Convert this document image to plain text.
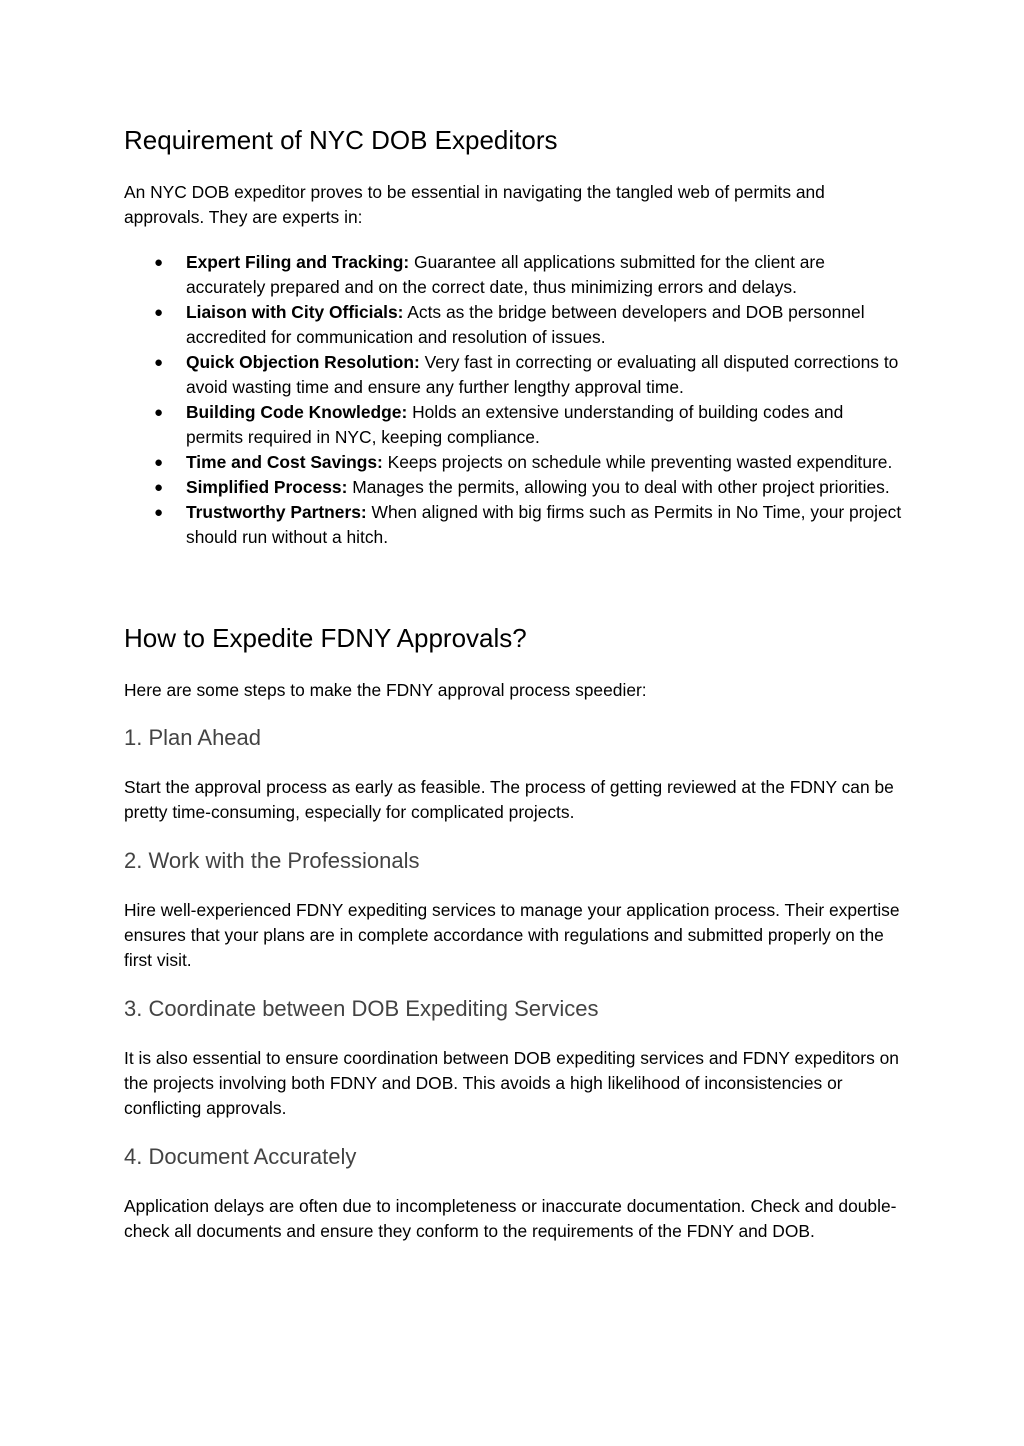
Requirement of NYC DOB Expeditors

An NYC DOB expeditor proves to be essential in navigating the tangled web of permits and approvals. They are experts in:

● Expert Filing and Tracking: Guarantee all applications submitted for the client are accurately prepared and on the correct date, thus minimizing errors and delays.
● Liaison with City Officials: Acts as the bridge between developers and DOB personnel accredited for communication and resolution of issues.
● Quick Objection Resolution: Very fast in correcting or evaluating all disputed corrections to avoid wasting time and ensure any further lengthy approval time.
● Building Code Knowledge: Holds an extensive understanding of building codes and permits required in NYC, keeping compliance.
● Time and Cost Savings: Keeps projects on schedule while preventing wasted expenditure.
● Simplified Process: Manages the permits, allowing you to deal with other project priorities.
● Trustworthy Partners: When aligned with big firms such as Permits in No Time, your project should run without a hitch.
How to Expedite FDNY Approvals?

Here are some steps to make the FDNY approval process speedier:

1. Plan Ahead

Start the approval process as early as feasible. The process of getting reviewed at the FDNY can be pretty time-consuming, especially for complicated projects.

2. Work with the Professionals

Hire well-experienced FDNY expediting services to manage your application process. Their expertise ensures that your plans are in complete accordance with regulations and submitted properly on the first visit.

3. Coordinate between DOB Expediting Services

It is also essential to ensure coordination between DOB expediting services and FDNY expeditors on the projects involving both FDNY and DOB. This avoids a high likelihood of inconsistencies or conflicting approvals.

4. Document Accurately

Application delays are often due to incompleteness or inaccurate documentation. Check and double-check all documents and ensure they conform to the requirements of the FDNY and DOB.
